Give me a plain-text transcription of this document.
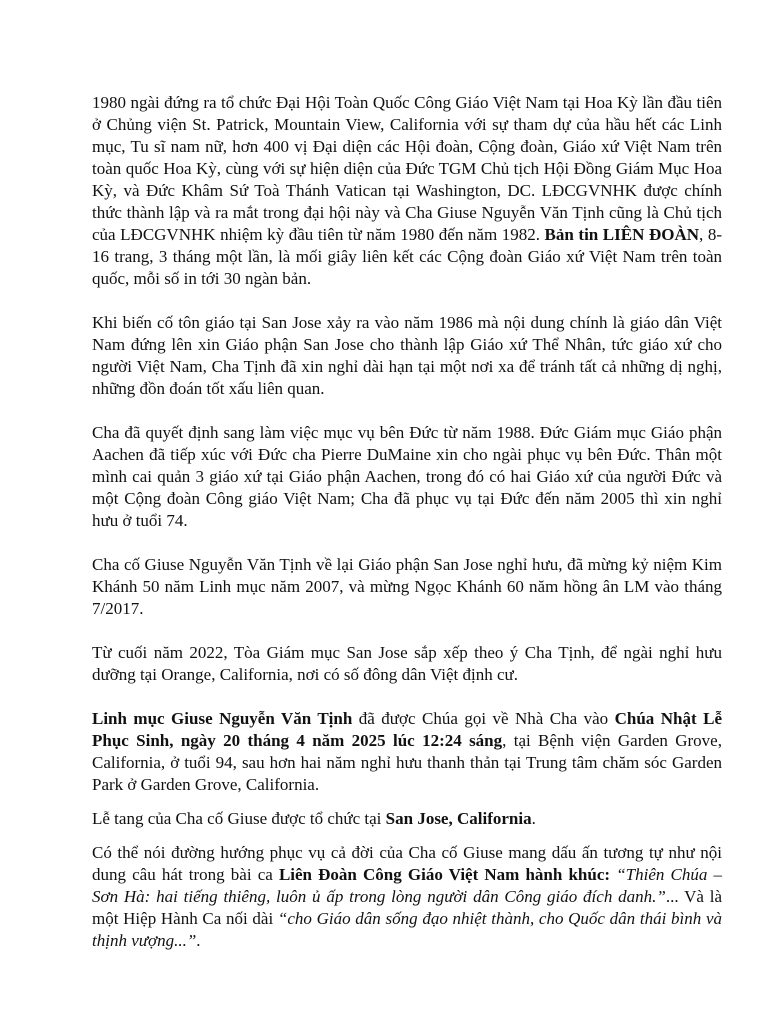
1980 ngài đứng ra tổ chức Đại Hội Toàn Quốc Công Giáo Việt Nam tại Hoa Kỳ lần đầu tiên ở Chủng viện St. Patrick, Mountain View, California với sự tham dự của hầu hết các Linh mục, Tu sĩ nam nữ, hơn 400 vị Đại diện các Hội đoàn, Cộng đoàn, Giáo xứ Việt Nam trên toàn quốc Hoa Kỳ, cùng với sự hiện diện của Đức TGM Chủ tịch Hội Đồng Giám Mục Hoa Kỳ, và Đức Khâm Sứ Toà Thánh Vatican tại Washington, DC. LĐCGVNHK được chính thức thành lập và ra mắt trong đại hội này và Cha Giuse Nguyễn Văn Tịnh cũng là Chủ tịch của LĐCGVNHK nhiệm kỳ đầu tiên từ năm 1980 đến năm 1982. Bản tin LIÊN ĐOÀN, 8-16 trang, 3 tháng một lần, là mối giây liên kết các Cộng đoàn Giáo xứ Việt Nam trên toàn quốc, mỗi số in tới 30 ngàn bản.

Khi biến cố tôn giáo tại San Jose xảy ra vào năm 1986 mà nội dung chính là giáo dân Việt Nam đứng lên xin Giáo phận San Jose cho thành lập Giáo xứ Thể Nhân, tức giáo xứ cho người Việt Nam, Cha Tịnh đã xin nghỉ dài hạn tại một nơi xa để tránh tất cả những dị nghị, những đồn đoán tốt xấu liên quan.

Cha đã quyết định sang làm việc mục vụ bên Đức từ năm 1988. Đức Giám mục Giáo phận Aachen đã tiếp xúc với Đức cha Pierre DuMaine xin cho ngài phục vụ bên Đức. Thân một mình cai quản 3 giáo xứ tại Giáo phận Aachen, trong đó có hai Giáo xứ của người Đức và một Cộng đoàn Công giáo Việt Nam; Cha đã phục vụ tại Đức đến năm 2005 thì xin nghỉ hưu ở tuổi 74.

Cha cố Giuse Nguyễn Văn Tịnh về lại Giáo phận San Jose nghỉ hưu, đã mừng kỷ niệm Kim Khánh 50 năm Linh mục năm 2007, và mừng Ngọc Khánh 60 năm hồng ân LM vào tháng 7/2017.

Từ cuối năm 2022, Tòa Giám mục San Jose sắp xếp theo ý Cha Tịnh, để ngài nghỉ hưu dưỡng tại Orange, California, nơi có số đông dân Việt định cư.

Linh mục Giuse Nguyễn Văn Tịnh đã được Chúa gọi về Nhà Cha vào Chúa Nhật Lễ Phục Sinh, ngày 20 tháng 4 năm 2025 lúc 12:24 sáng, tại Bệnh viện Garden Grove, California, ở tuổi 94, sau hơn hai năm nghỉ hưu thanh thản tại Trung tâm chăm sóc Garden Park ở Garden Grove, California.

Lễ tang của Cha cố Giuse được tổ chức tại San Jose, California.

Có thể nói đường hướng phục vụ cả đời của Cha cố Giuse mang dấu ấn tương tự như nội dung câu hát trong bài ca Liên Đoàn Công Giáo Việt Nam hành khúc: “Thiên Chúa – Sơn Hà: hai tiếng thiêng, luôn ủ ấp trong lòng người dân Công giáo đích danh.”... Và là một Hiệp Hành Ca nối dài “cho Giáo dân sống đạo nhiệt thành, cho Quốc dân thái bình và thịnh vượng...”.
